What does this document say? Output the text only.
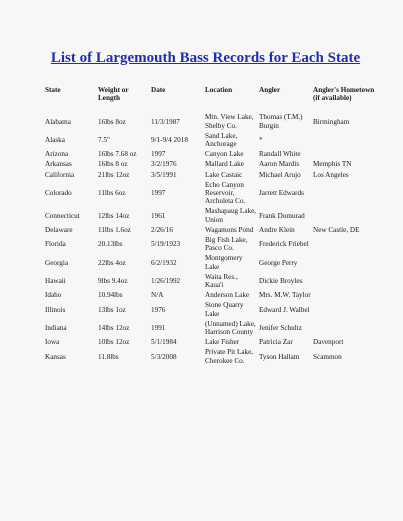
List of Largemouth Bass Records for Each State
State	Weight or Length	Date	Location	Angler	Angler's Hometown (if available)
Alabama	16lbs 8oz	11/3/1987	Mtn. View Lake, Shelby Co.	Thomas (T.M.) Burgin	Birmingham
Alaska	7.5"	9/1-9/4 2018	Sand Lake, Anchorage	*	
Arizona	16lbs 7.68 oz	1997	Canyon Lake	Randall White	
Arkansas	16lbs 8 oz	3/2/1976	Mallard Lake	Aaron Mardis	Memphis TN
California	21lbs 12oz	3/5/1991	Lake Castaic	Michael Arujo	Los Angeles
Colorado	11lbs 6oz	1997	Echo Canyon Reservoir, Archuleta Co.	Jarrett Edwards	
Connecticut	12lbs 14oz	1961	Mashapaug Lake, Union	Frank Domurad	
Delaware	11lbs 1.6oz	2/26/16	Wagamons Pond	Andre Klein	New Castle, DE
Florida	20.13lbs	5/19/1923	Big Fish Lake, Pasco Co.	Frederick Friebel	
Georgia	22lbs 4oz	6/2/1932	Montgomery Lake	George Perry	
Hawaii	9lbs 9.4oz	1/26/1992	Waita Res., Kaua'i	Dickie Broyles	
Idaho	10.94lbs	N/A	Anderson Lake	Mrs. M.W. Taylor	
Illinois	13lbs 1oz	1976	Stone Quarry Lake	Edward J. Walbel	
Indiana	14lbs 12oz	1991	(Unnamed) Lake, Harrison County	Jenifer Schultz	
Iowa	10lbs 12oz	5/1/1984	Lake Fisher	Patricia Zar	Davenport
Kansas	11.8lbs	5/3/2008	Private Pit Lake, Cherokee Co.	Tyson Hallam	Scammon
